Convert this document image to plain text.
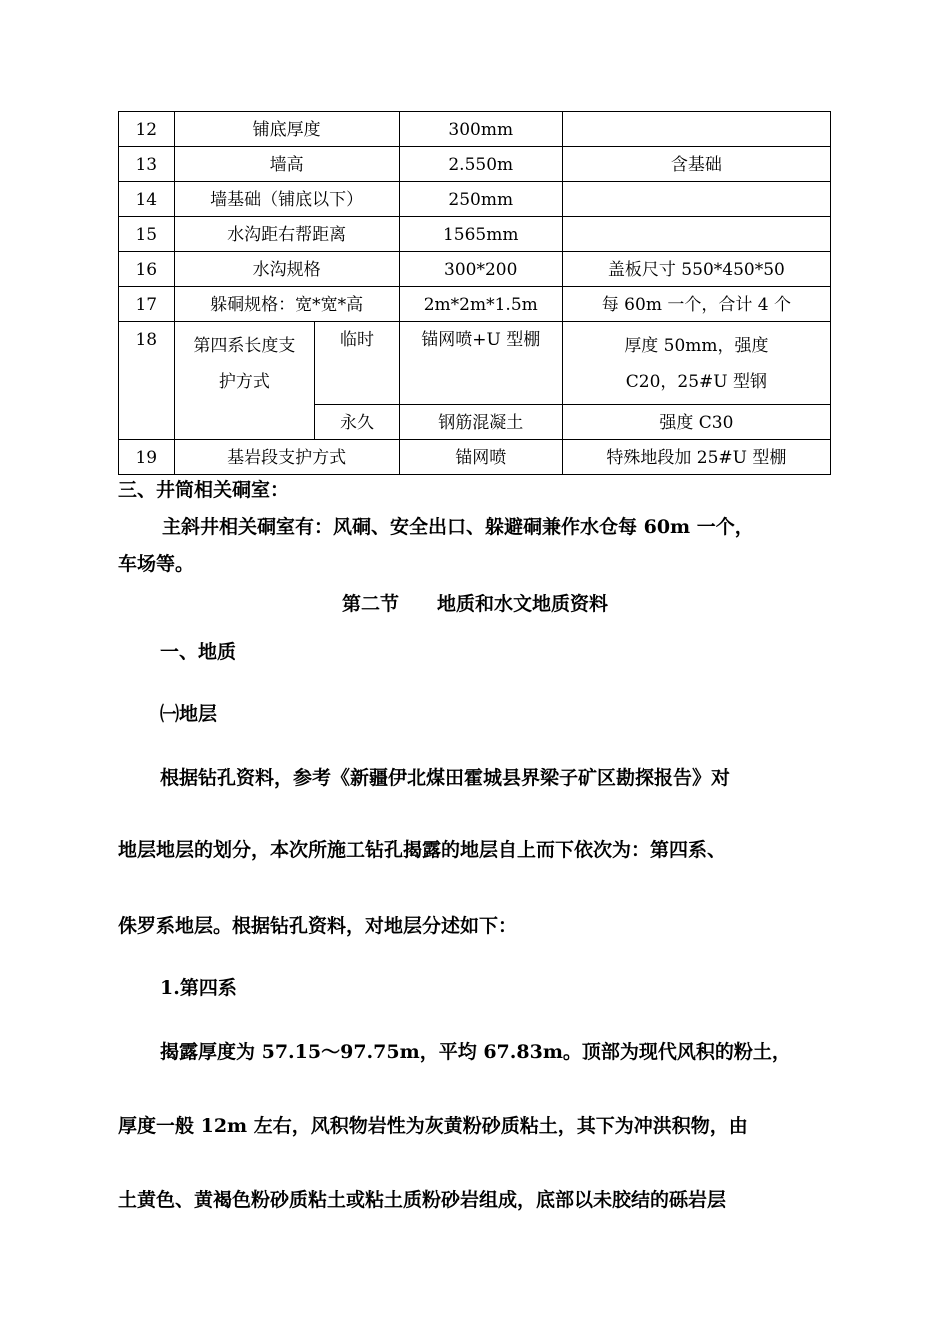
12	铺底厚度		300mm	
13	墙高		2.550m	含基础
14	墙基础（铺底以下）		250mm	
15	水沟距右帮距离		1565mm	
16	水沟规格		300*200	盖板尺寸 550*450*50
17	躲硐规格：宽*宽*高		2m*2m*1.5m	每 60m 一个，合计 4 个
18	第四系长度支护方式	临时	锚网喷+U 型棚	厚度 50mm，强度 C20，25#U 型钢
		永久	钢筋混凝土	强度 C30
19	基岩段支护方式		锚网喷	特殊地段加 25#U 型棚
三、井筒相关硐室：
主斜井相关硐室有：风硐、安全出口、躲避硐兼作水仓每 60m 一个，
车场等。
第二节　　地质和水文地质资料
一、地质
㈠地层
根据钻孔资料，参考《新疆伊北煤田霍城县界梁子矿区勘探报告》对
地层地层的划分，本次所施工钻孔揭露的地层自上而下依次为：第四系、
侏罗系地层。根据钻孔资料，对地层分述如下：
1.第四系
揭露厚度为 57.15～97.75m，平均 67.83m。顶部为现代风积的粉土，
厚度一般 12m 左右，风积物岩性为灰黄粉砂质粘土，其下为冲洪积物，由
土黄色、黄褐色粉砂质粘土或粘土质粉砂岩组成，底部以未胶结的砾岩层
